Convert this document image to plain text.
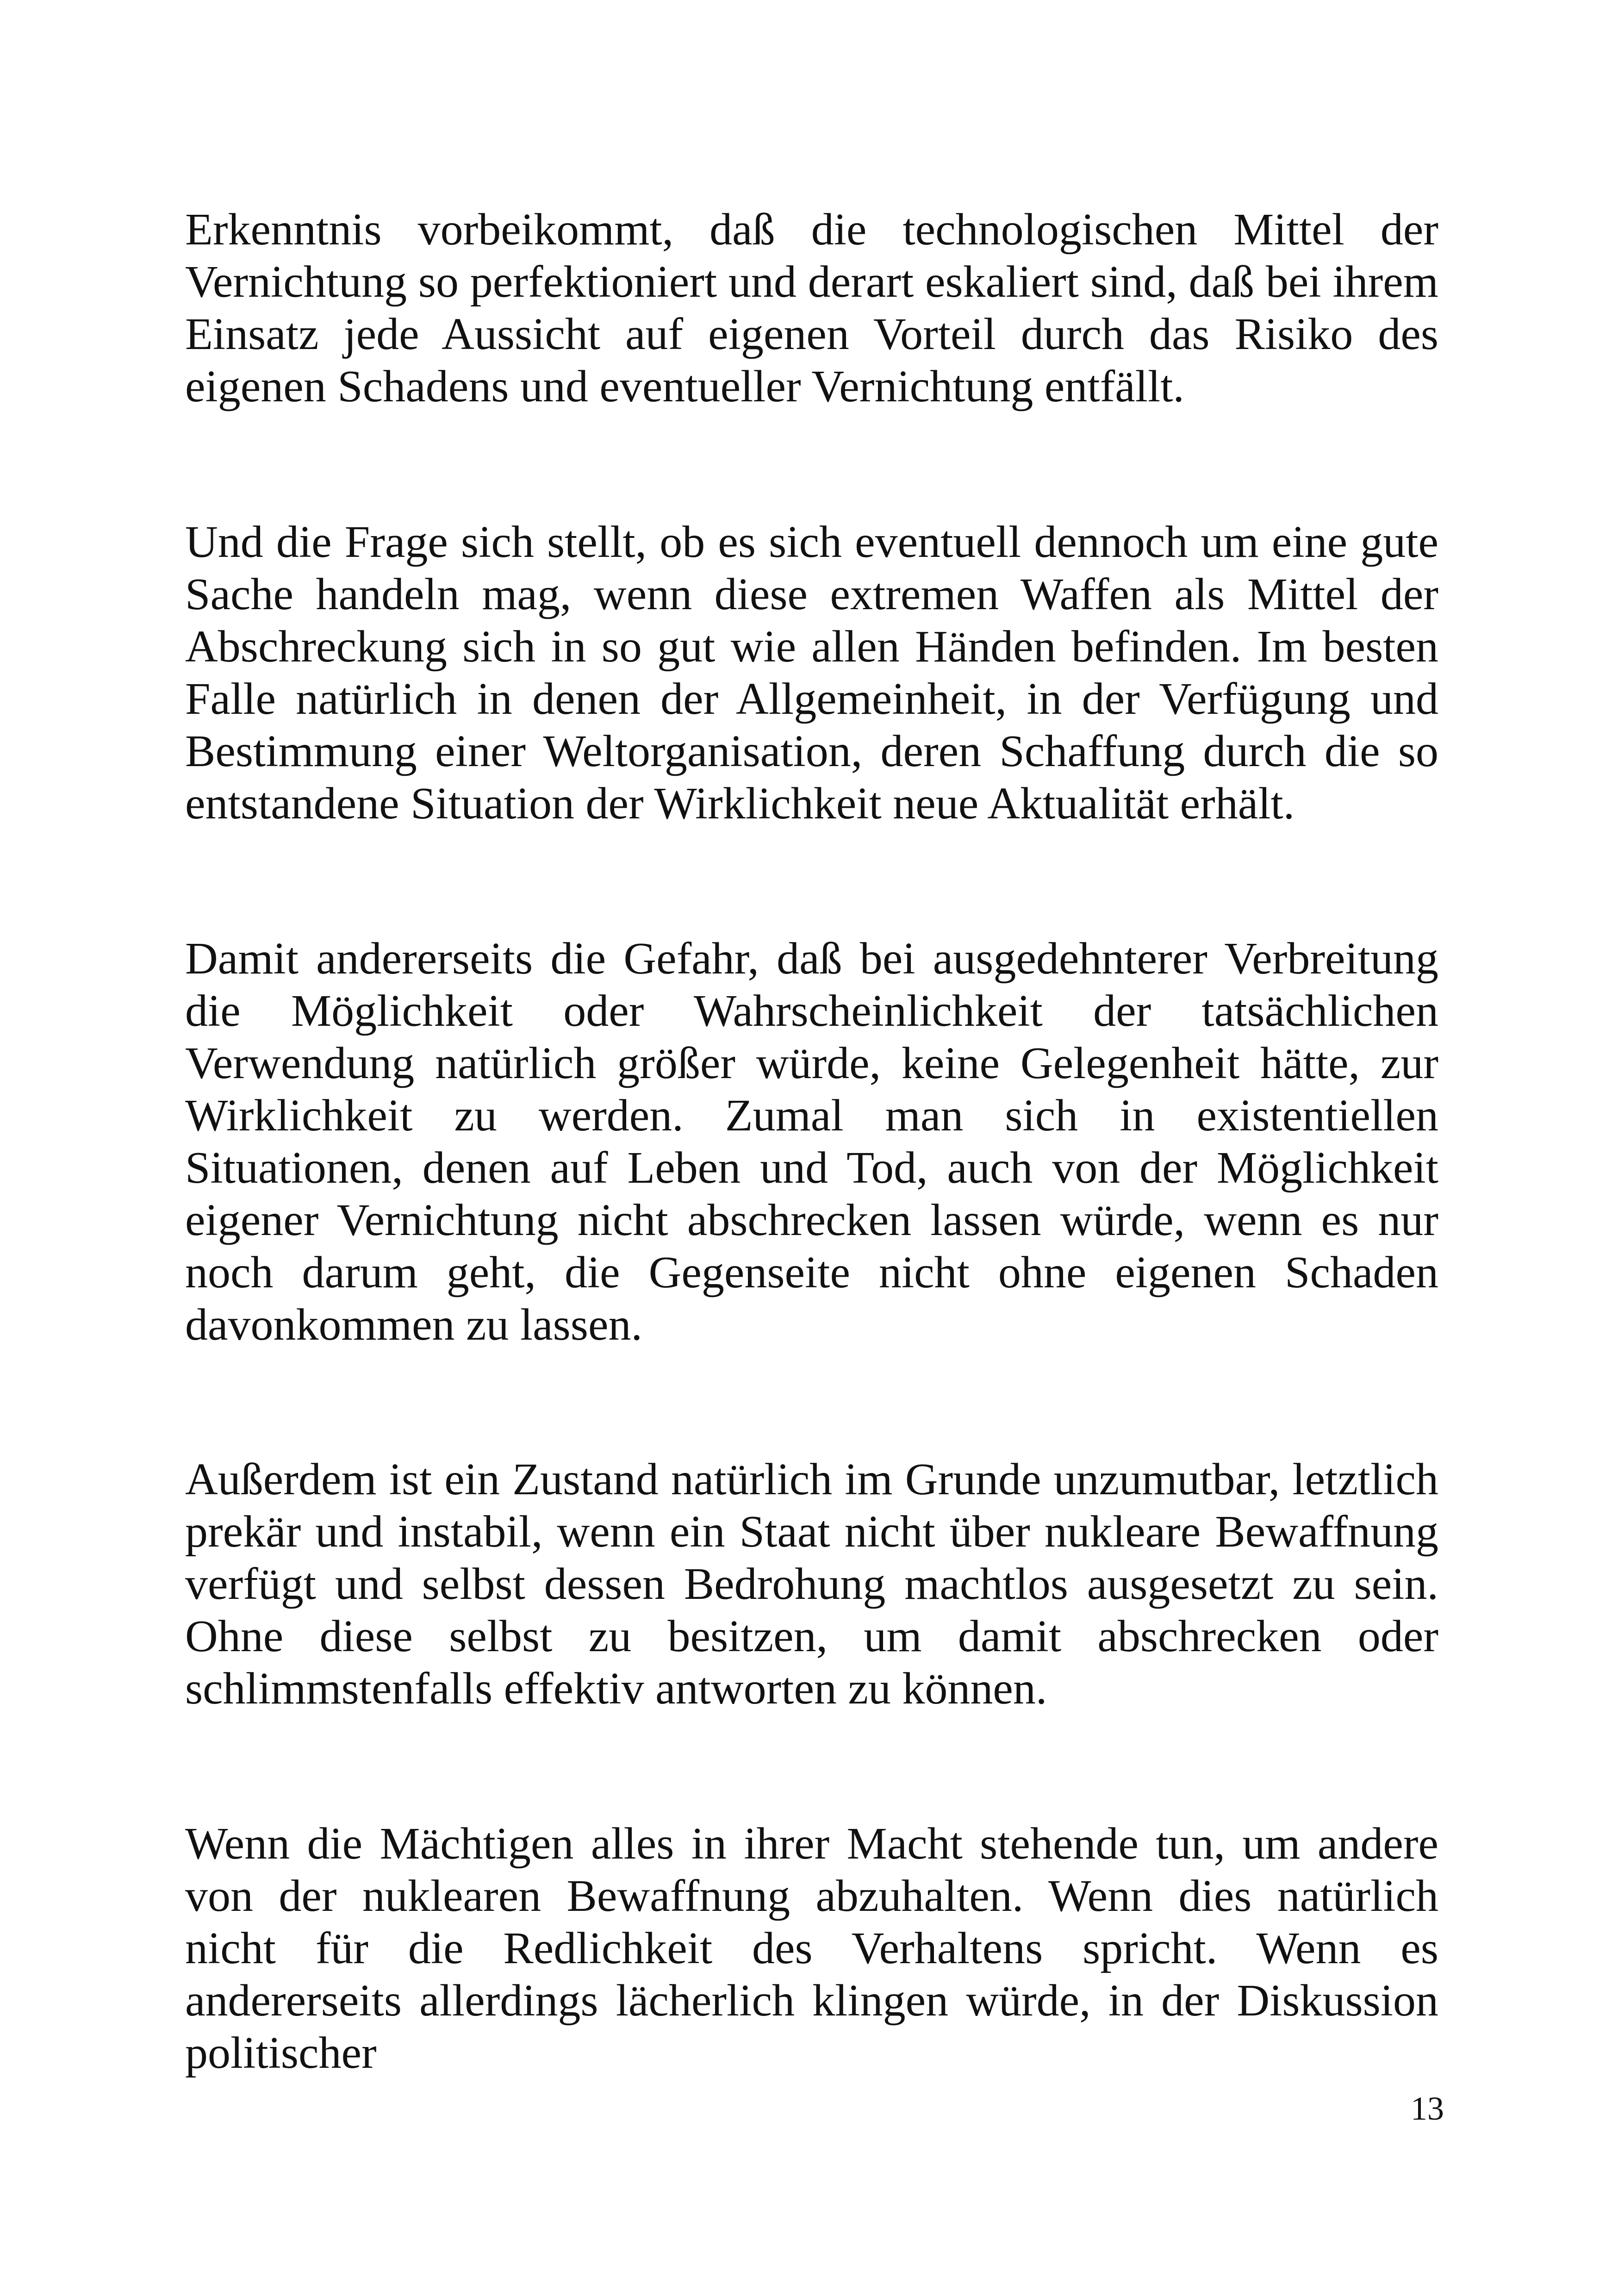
Erkenntnis vorbeikommt, daß die technologischen Mittel der Vernichtung so perfektioniert und derart eskaliert sind, daß bei ihrem Einsatz jede Aussicht auf eigenen Vorteil durch das Risiko des eigenen Schadens und eventueller Vernichtung entfällt.

Und die Frage sich stellt, ob es sich eventuell dennoch um eine gute Sache handeln mag, wenn diese extremen Waffen als Mittel der Abschreckung sich in so gut wie allen Händen befinden. Im besten Falle natürlich in denen der Allgemeinheit, in der Verfügung und Bestimmung einer Weltorganisation, deren Schaffung durch die so entstandene Situation der Wirklichkeit neue Aktualität erhält.

Damit andererseits die Gefahr, daß bei ausgedehnterer Verbreitung die Möglichkeit oder Wahrscheinlichkeit der tatsächlichen Verwendung natürlich größer würde, keine Gelegenheit hätte, zur Wirklichkeit zu werden. Zumal man sich in existentiellen Situationen, denen auf Leben und Tod, auch von der Möglichkeit eigener Vernichtung nicht abschrecken lassen würde, wenn es nur noch darum geht, die Gegenseite nicht ohne eigenen Schaden davonkommen zu lassen.

Außerdem ist ein Zustand natürlich im Grunde unzumutbar, letztlich prekär und instabil, wenn ein Staat nicht über nukleare Bewaffnung verfügt und selbst dessen Bedrohung machtlos ausgesetzt zu sein. Ohne diese selbst zu besitzen, um damit abschrecken oder schlimmstenfalls effektiv antworten zu können.

Wenn die Mächtigen alles in ihrer Macht stehende tun, um andere von der nuklearen Bewaffnung abzuhalten. Wenn dies natürlich nicht für die Redlichkeit des Verhaltens spricht. Wenn es andererseits allerdings lächerlich klingen würde, in der Diskussion politischer

13
